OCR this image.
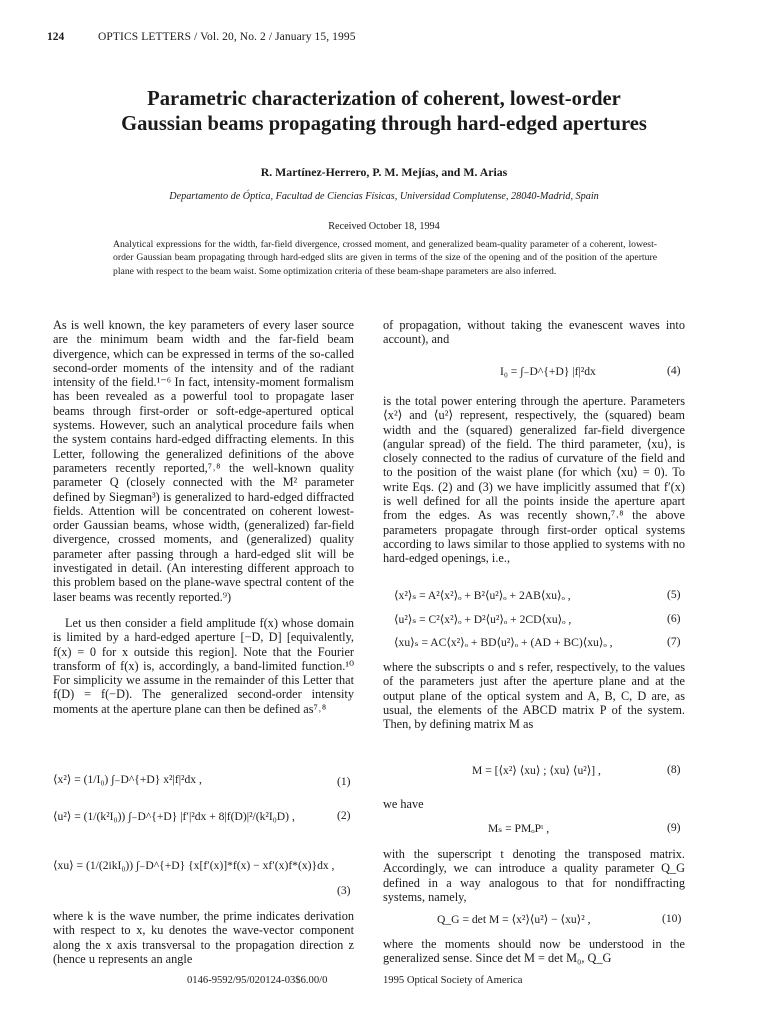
124	OPTICS LETTERS / Vol. 20, No. 2 / January 15, 1995
Parametric characterization of coherent, lowest-order
Gaussian beams propagating through hard-edged apertures
R. Martínez-Herrero, P. M. Mejías, and M. Arias
Departamento de Óptica, Facultad de Ciencias Físicas, Universidad Complutense, 28040-Madrid, Spain
Received October 18, 1994
Analytical expressions for the width, far-field divergence, crossed moment, and generalized beam-quality parameter of a coherent, lowest-order Gaussian beam propagating through hard-edged slits are given in terms of the size of the opening and of the position of the aperture plane with respect to the beam waist. Some optimization criteria of these beam-shape parameters are also inferred.
As is well known, the key parameters of every laser source are the minimum beam width and the far-field beam divergence, which can be expressed in terms of the so-called second-order moments of the intensity and of the radiant intensity of the field.¹⁻⁶ In fact, intensity-moment formalism has been revealed as a powerful tool to propagate laser beams through first-order or soft-edge-apertured optical systems. However, such an analytical procedure fails when the system contains hard-edged diffracting elements. In this Letter, following the generalized definitions of the above parameters recently reported,⁷˒⁸ the well-known quality parameter Q (closely connected with the M² parameter defined by Siegman³) is generalized to hard-edged diffracted fields. Attention will be concentrated on coherent lowest-order Gaussian beams, whose width, (generalized) far-field divergence, crossed moments, and (generalized) quality parameter after passing through a hard-edged slit will be investigated in detail. (An interesting different approach to this problem based on the plane-wave spectral content of the laser beams was recently reported.⁹)
Let us then consider a field amplitude f(x) whose domain is limited by a hard-edged aperture [−D, D] [equivalently, f(x) = 0 for x outside this region]. Note that the Fourier transform of f(x) is, accordingly, a band-limited function.¹⁰ For simplicity we assume in the remainder of this Letter that f(D) = f(−D). The generalized second-order intensity moments at the aperture plane can then be defined as⁷˒⁸
⟨x²⟩ = (1/I₀) ∫₋D^{+D} x²|f|²dx ,	(1)
⟨u²⟩ = (1/(k²I₀)) ∫₋D^{+D} |f′|²dx + 8|f(D)|²/(k²I₀D) ,	(2)
⟨xu⟩ = (1/(2ikI₀)) ∫₋D^{+D} {x[f′(x)]*f(x) − xf′(x)f*(x)}dx ,
(3)
where k is the wave number, the prime indicates derivation with respect to x, ku denotes the wave-vector component along the x axis transversal to the propagation direction z (hence u represents an angle
of propagation, without taking the evanescent waves into account), and
I₀ = ∫₋D^{+D} |f|²dx	(4)
is the total power entering through the aperture. Parameters ⟨x²⟩ and ⟨u²⟩ represent, respectively, the (squared) beam width and the (squared) generalized far-field divergence (angular spread) of the field. The third parameter, ⟨xu⟩, is closely connected to the radius of curvature of the field and to the position of the waist plane (for which ⟨xu⟩ = 0). To write Eqs. (2) and (3) we have implicitly assumed that f′(x) is well defined for all the points inside the aperture apart from the edges. As was recently shown,⁷˒⁸ the above parameters propagate through first-order optical systems according to laws similar to those applied to systems with no hard-edged openings, i.e.,
⟨x²⟩ₛ = A²⟨x²⟩ₒ + B²⟨u²⟩ₒ + 2AB⟨xu⟩ₒ ,	(5)
⟨u²⟩ₛ = C²⟨x²⟩ₒ + D²⟨u²⟩ₒ + 2CD⟨xu⟩ₒ ,	(6)
⟨xu⟩ₛ = AC⟨x²⟩ₒ + BD⟨u²⟩ₒ + (AD + BC)⟨xu⟩ₒ ,	(7)
where the subscripts o and s refer, respectively, to the values of the parameters just after the aperture plane and at the output plane of the optical system and A, B, C, D are, as usual, the elements of the ABCD matrix P of the system. Then, by defining matrix M as
M = [⟨x²⟩ ⟨xu⟩ ; ⟨xu⟩ ⟨u²⟩] ,	(8)
we have
Mₛ = PMₒPᵗ ,	(9)
with the superscript t denoting the transposed matrix. Accordingly, we can introduce a quality parameter Q_G defined in a way analogous to that for nondiffracting systems, namely,
Q_G = det M = ⟨x²⟩⟨u²⟩ − ⟨xu⟩² ,	(10)
where the moments should now be understood in the generalized sense. Since det M = det M₀, Q_G
0146-9592/95/020124-03$6.00/0	1995 Optical Society of America
